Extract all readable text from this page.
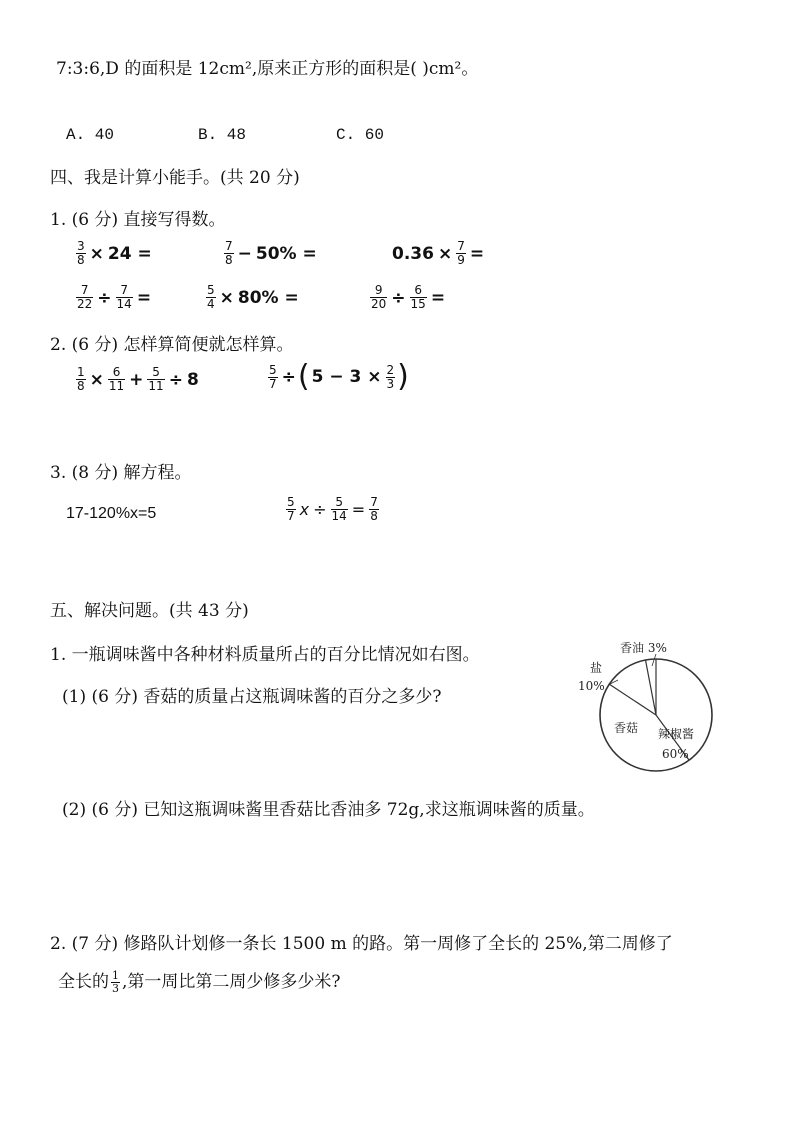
7:3:6,D 的面积是 12cm²,原来正方形的面积是( )cm²。
A. 40	B. 48	C. 60
四、我是计算小能手。(共 20 分)
1. (6 分) 直接写得数。
$\frac{3}{8} \times 24$ =	$\frac{7}{8} - 50\%$ =	$0.36 \times \frac{7}{9}$ =
$\frac{7}{22} \div \frac{7}{14}$ =	$\frac{5}{4} \times 80\%$ =	$\frac{9}{20} \div \frac{6}{15}$ =
2. (6 分) 怎样算简便就怎样算。
$\frac{1}{8} \times \frac{6}{11} + \frac{5}{11} \div 8$	$\frac{5}{7}$ ÷( $5 - 3 \times \frac{2}{3}$ )
3. (8 分) 解方程。
17-120%x=5	$\frac{5}{7}$ $x \div \frac{5}{14} = \frac{7}{8}$
五、解决问题。(共 43 分)
1. 一瓶调味酱中各种材料质量所占的百分比情况如右图。
(1) (6 分) 香菇的质量占这瓶调味酱的百分之多少?
(2) (6 分) 已知这瓶调味酱里香菇比香油多 72g,求这瓶调味酱的质量。
香油 3%
盐
10%
香菇 辣椒酱
60%
2. (7 分) 修路队计划修一条长 1500 m 的路。第一周修了全长的 25%,第二周修了
全长的 $\frac{1}{3}$ ,第一周比第二周少修多少米?
